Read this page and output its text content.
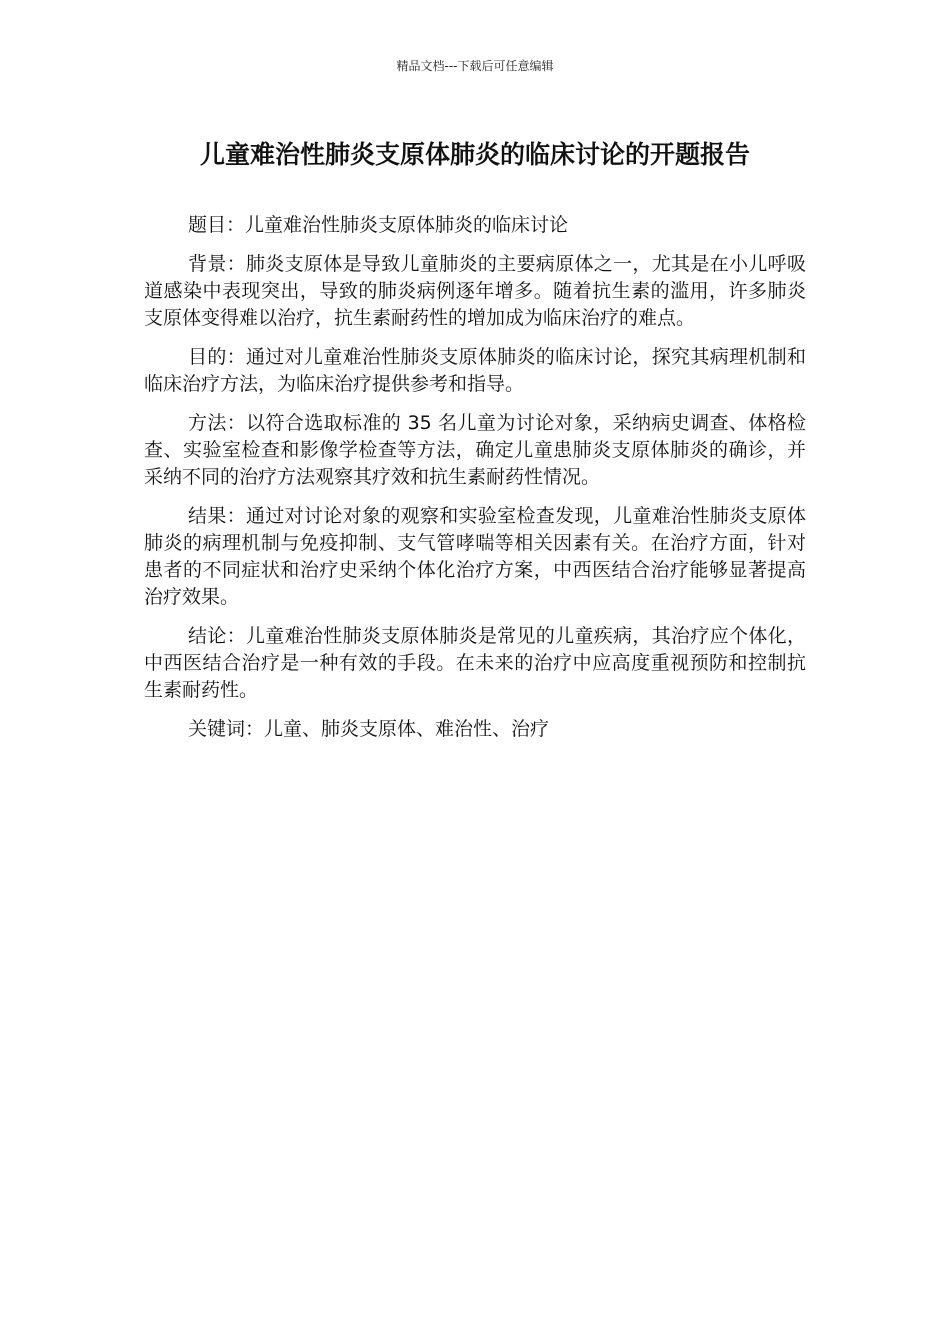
精品文档---下载后可任意编辑
儿童难治性肺炎支原体肺炎的临床讨论的开题报告

题目：儿童难治性肺炎支原体肺炎的临床讨论

背景：肺炎支原体是导致儿童肺炎的主要病原体之一，尤其是在小儿呼吸道感染中表现突出，导致的肺炎病例逐年增多。随着抗生素的滥用，许多肺炎支原体变得难以治疗，抗生素耐药性的增加成为临床治疗的难点。

目的：通过对儿童难治性肺炎支原体肺炎的临床讨论，探究其病理机制和临床治疗方法，为临床治疗提供参考和指导。

方法：以符合选取标准的 35 名儿童为讨论对象，采纳病史调查、体格检查、实验室检查和影像学检查等方法，确定儿童患肺炎支原体肺炎的确诊，并采纳不同的治疗方法观察其疗效和抗生素耐药性情况。

结果：通过对讨论对象的观察和实验室检查发现，儿童难治性肺炎支原体肺炎的病理机制与免疫抑制、支气管哮喘等相关因素有关。在治疗方面，针对患者的不同症状和治疗史采纳个体化治疗方案，中西医结合治疗能够显著提高治疗效果。

结论：儿童难治性肺炎支原体肺炎是常见的儿童疾病，其治疗应个体化，中西医结合治疗是一种有效的手段。在未来的治疗中应高度重视预防和控制抗生素耐药性。

关键词：儿童、肺炎支原体、难治性、治疗
